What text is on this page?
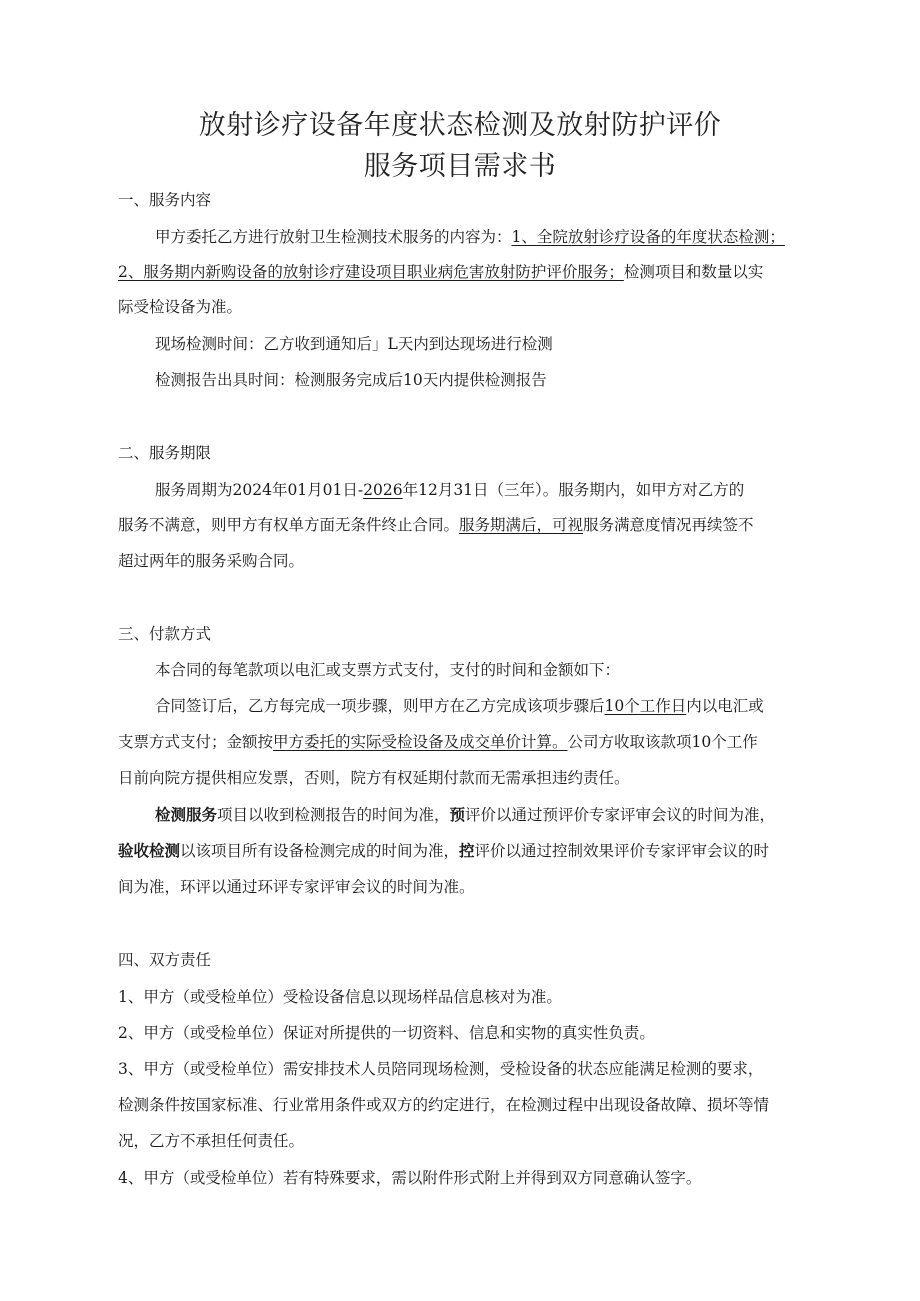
放射诊疗设备年度状态检测及放射防护评价
服务项目需求书
一、服务内容
甲方委托乙方进行放射卫生检测技术服务的内容为：1、全院放射诊疗设备的年度状态检测；
2、服务期内新购设备的放射诊疗建设项目职业病危害放射防护评价服务；检测项目和数量以实
际受检设备为准。
现场检测时间：乙方收到通知后」L天内到达现场进行检测
检测报告出具时间：检测服务完成后10天内提供检测报告
二、服务期限
服务周期为2024年01月01日-2026年12月31日（三年）。服务期内，如甲方对乙方的
服务不满意，则甲方有权单方面无条件终止合同。服务期满后，可视服务满意度情况再续签不
超过两年的服务采购合同。
三、付款方式
本合同的每笔款项以电汇或支票方式支付，支付的时间和金额如下：
合同签订后，乙方每完成一项步骤，则甲方在乙方完成该项步骤后10个工作日内以电汇或
支票方式支付；金额按甲方委托的实际受检设备及成交单价计算。公司方收取该款项10个工作
日前向院方提供相应发票，否则，院方有权延期付款而无需承担违约责任。
检测服务项目以收到检测报告的时间为准，预评价以通过预评价专家评审会议的时间为准，
验收检测以该项目所有设备检测完成的时间为准，控评价以通过控制效果评价专家评审会议的时
间为准，环评以通过环评专家评审会议的时间为准。
四、双方责任
1、甲方（或受检单位）受检设备信息以现场样品信息核对为准。
2、甲方（或受检单位）保证对所提供的一切资料、信息和实物的真实性负责。
3、甲方（或受检单位）需安排技术人员陪同现场检测，受检设备的状态应能满足检测的要求，
检测条件按国家标准、行业常用条件或双方的约定进行，在检测过程中出现设备故障、损坏等情
况，乙方不承担任何责任。
4、甲方（或受检单位）若有特殊要求，需以附件形式附上并得到双方同意确认签字。
